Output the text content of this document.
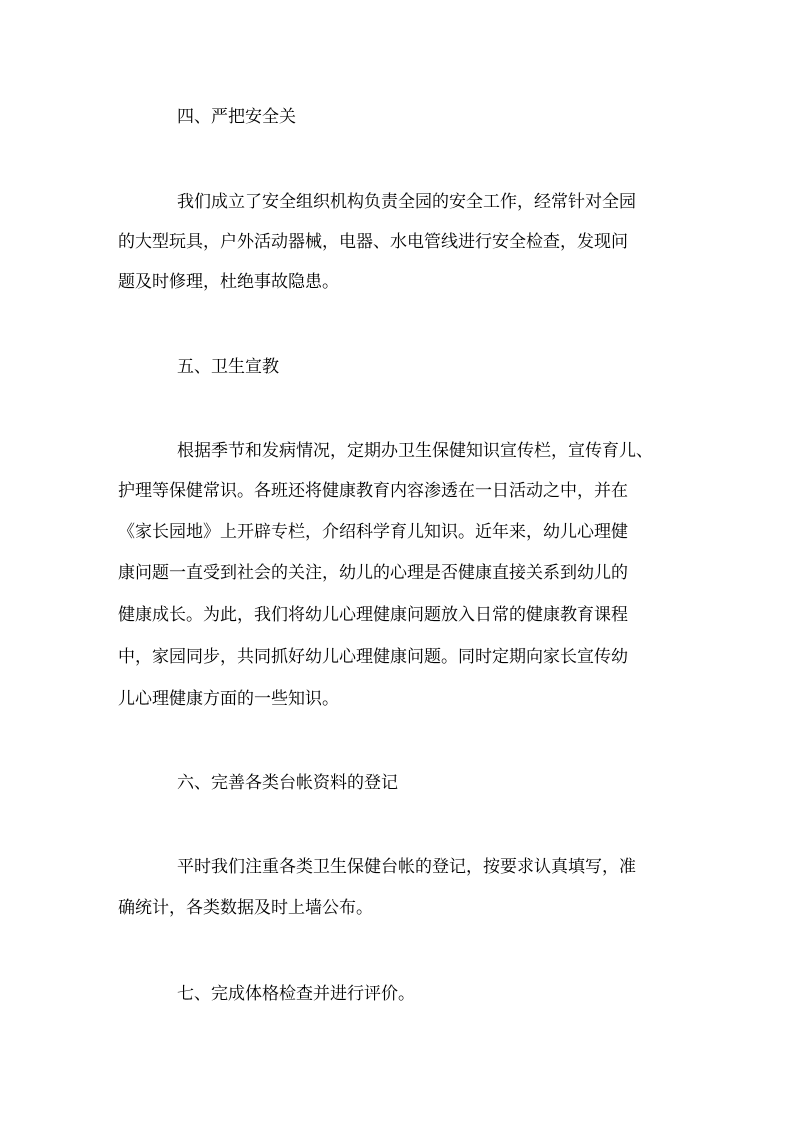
四、严把安全关
我们成立了安全组织机构负责全园的安全工作，经常针对全园
的大型玩具，户外活动器械，电器、水电管线进行安全检查，发现问
题及时修理，杜绝事故隐患。
五、卫生宣教
根据季节和发病情况，定期办卫生保健知识宣传栏，宣传育儿、
护理等保健常识。各班还将健康教育内容渗透在一日活动之中，并在
《家长园地》上开辟专栏，介绍科学育儿知识。近年来，幼儿心理健
康问题一直受到社会的关注，幼儿的心理是否健康直接关系到幼儿的
健康成长。为此，我们将幼儿心理健康问题放入日常的健康教育课程
中，家园同步，共同抓好幼儿心理健康问题。同时定期向家长宣传幼
儿心理健康方面的一些知识。
六、完善各类台帐资料的登记
平时我们注重各类卫生保健台帐的登记，按要求认真填写，准
确统计，各类数据及时上墙公布。
七、完成体格检查并进行评价。
